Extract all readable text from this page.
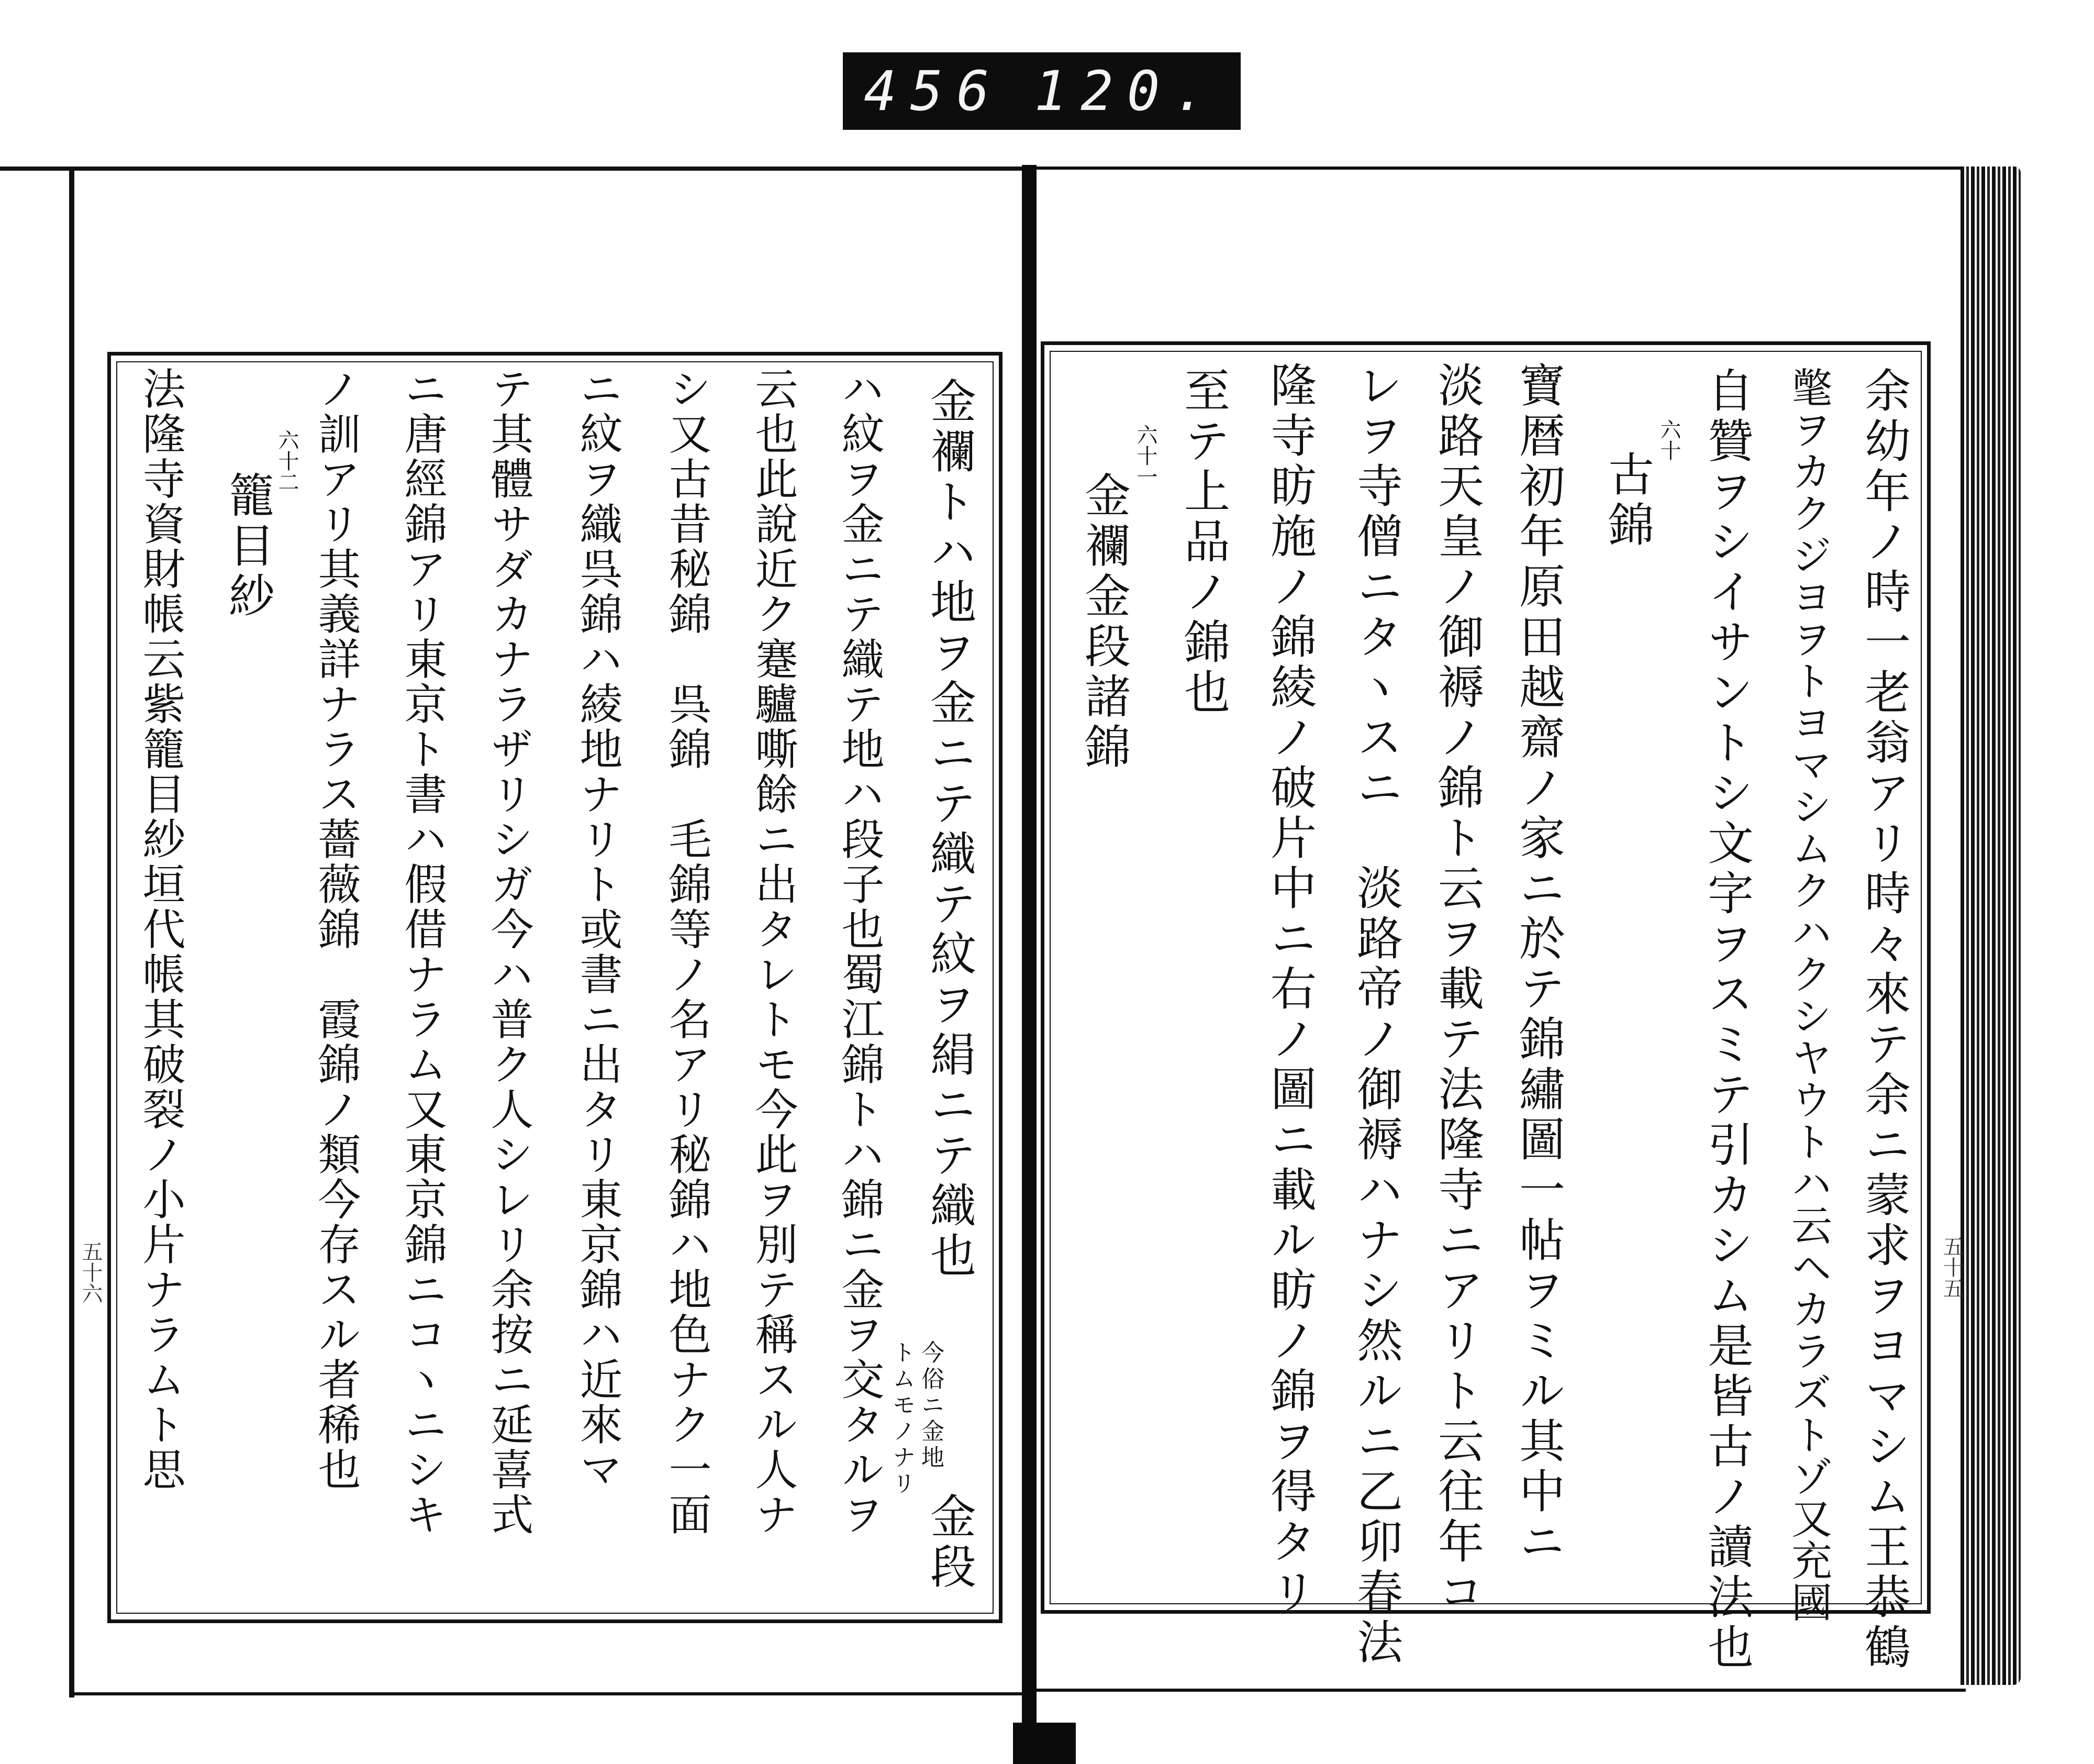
456 120.
余幼年ノ時一老翁アリ時々來テ余ニ蒙求ヲヨマシム王恭鶴
氅ヲカクジヨヲトヨマシムクハクシヤウトハ云ヘカラズトゾ又充國
自贊ヲシイサントシ文字ヲスミテ引カシム是皆古ノ讀法也
六十
古錦
寶暦初年原田越齋ノ家ニ於テ錦繡圖一帖ヲミル其中ニ
淡路天皇ノ御褥ノ錦ト云ヲ載テ法隆寺ニアリト云往年コ
レヲ寺僧ニタヽスニ　淡路帝ノ御褥ハナシ然ルニ乙卯春法
隆寺眆施ノ錦綾ノ破片中ニ右ノ圖ニ載ル眆ノ錦ヲ得タリ
至テ上品ノ錦也
六十一
金襴金段諸錦
金襴トハ地ヲ金ニテ織テ紋ヲ絹ニテ織也
今俗ニ金地
トムモノナリ
金段
ハ紋ヲ金ニテ織テ地ハ段子也蜀江錦トハ錦ニ金ヲ交タルヲ
云也此說近ク蹇驢嘶餘ニ出タレトモ今此ヲ別テ稱スル人ナ
シ又古昔秘錦　呉錦　毛錦等ノ名アリ秘錦ハ地色ナク一面
ニ紋ヲ織呉錦ハ綾地ナリト或書ニ出タリ東京錦ハ近來マ
テ其體サダカナラザリシガ今ハ普ク人シレリ余按ニ延喜式
ニ唐經錦アリ東京ト書ハ假借ナラム又東京錦ニコヽニシキ
ノ訓アリ其義詳ナラス薔薇錦　霞錦ノ類今存スル者稀也
六十二
籠目紗
法隆寺資財帳云紫籠目紗垣代帳其破裂ノ小片ナラムト思	五十五
五十六
